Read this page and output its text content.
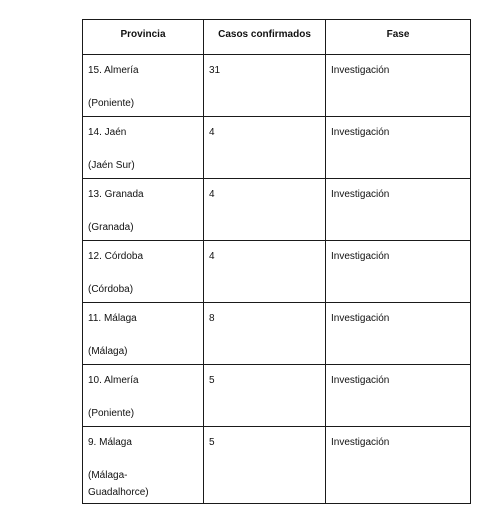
Provincia	Casos confirmados	Fase

15. Almería
(Poniente)	31	Investigación

14. Jaén
(Jaén Sur)	4	Investigación

13. Granada
(Granada)	4	Investigación

12. Córdoba
(Córdoba)	4	Investigación

11. Málaga
(Málaga)	8	Investigación

10. Almería
(Poniente)	5	Investigación

9. Málaga
(Málaga-
Guadalhorce)	5	Investigación
